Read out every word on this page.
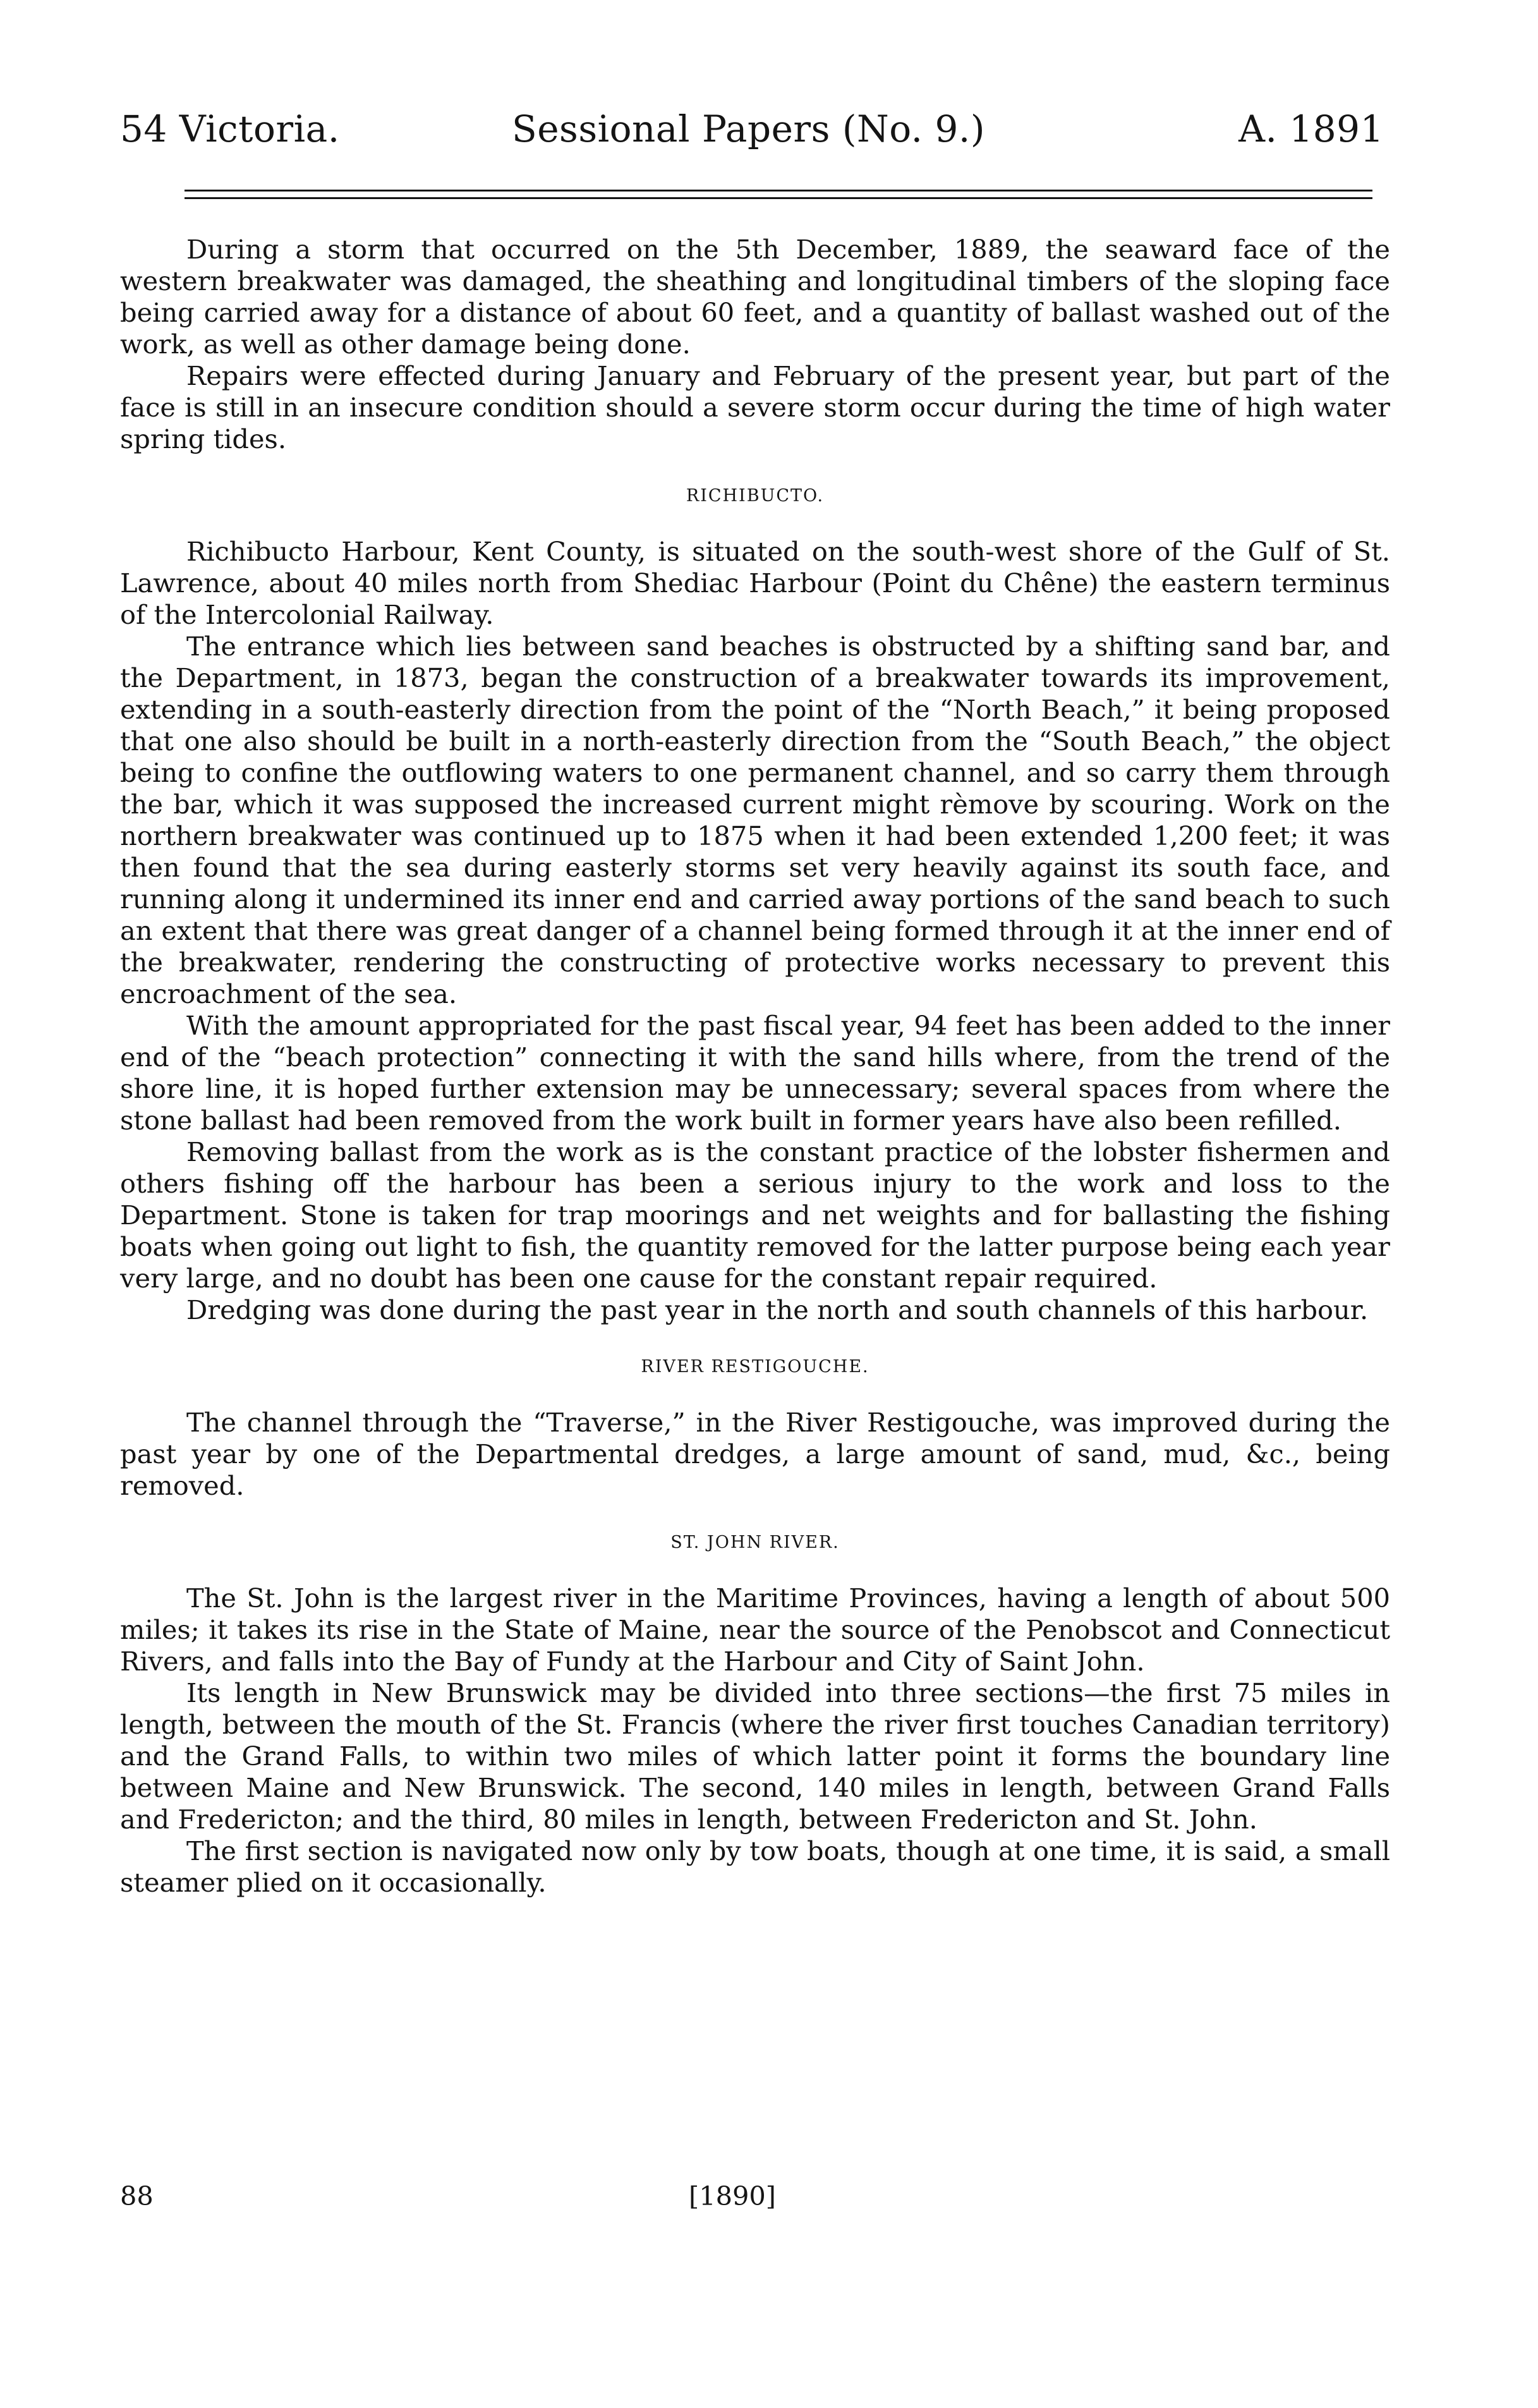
54 Victoria.	Sessional Papers (No. 9.)	A. 1891

During a storm that occurred on the 5th December, 1889, the seaward face of the western breakwater was damaged, the sheathing and longitudinal timbers of the sloping face being carried away for a distance of about 60 feet, and a quantity of ballast washed out of the work, as well as other damage being done.

Repairs were effected during January and February of the present year, but part of the face is still in an insecure condition should a severe storm occur during the time of high water spring tides.

RICHIBUCTO.

Richibucto Harbour, Kent County, is situated on the south-west shore of the Gulf of St. Lawrence, about 40 miles north from Shediac Harbour (Point du Chêne) the eastern terminus of the Intercolonial Railway.

The entrance which lies between sand beaches is obstructed by a shifting sand bar, and the Department, in 1873, began the construction of a breakwater towards its improvement, extending in a south-easterly direction from the point of the “North Beach,” it being proposed that one also should be built in a north-easterly direction from the “South Beach,” the object being to confine the outflowing waters to one permanent channel, and so carry them through the bar, which it was supposed the increased current might rèmove by scouring. Work on the northern breakwater was continued up to 1875 when it had been extended 1,200 feet; it was then found that the sea during easterly storms set very heavily against its south face, and running along it undermined its inner end and carried away portions of the sand beach to such an extent that there was great danger of a channel being formed through it at the inner end of the breakwater, rendering the constructing of protective works necessary to prevent this encroachment of the sea.

With the amount appropriated for the past fiscal year, 94 feet has been added to the inner end of the “beach protection” connecting it with the sand hills where, from the trend of the shore line, it is hoped further extension may be unnecessary; several spaces from where the stone ballast had been removed from the work built in former years have also been refilled.

Removing ballast from the work as is the constant practice of the lobster fishermen and others fishing off the harbour has been a serious injury to the work and loss to the Department. Stone is taken for trap moorings and net weights and for ballasting the fishing boats when going out light to fish, the quantity removed for the latter purpose being each year very large, and no doubt has been one cause for the constant repair required.

Dredging was done during the past year in the north and south channels of this harbour.

RIVER RESTIGOUCHE.

The channel through the “Traverse,” in the River Restigouche, was improved during the past year by one of the Departmental dredges, a large amount of sand, mud, &c., being removed.

ST. JOHN RIVER.

The St. John is the largest river in the Maritime Provinces, having a length of about 500 miles; it takes its rise in the State of Maine, near the source of the Penobscot and Connecticut Rivers, and falls into the Bay of Fundy at the Harbour and City of Saint John.

Its length in New Brunswick may be divided into three sections—the first 75 miles in length, between the mouth of the St. Francis (where the river first touches Canadian territory) and the Grand Falls, to within two miles of which latter point it forms the boundary line between Maine and New Brunswick. The second, 140 miles in length, between Grand Falls and Fredericton; and the third, 80 miles in length, between Fredericton and St. John.

The first section is navigated now only by tow boats, though at one time, it is said, a small steamer plied on it occasionally.

88	[1890]
